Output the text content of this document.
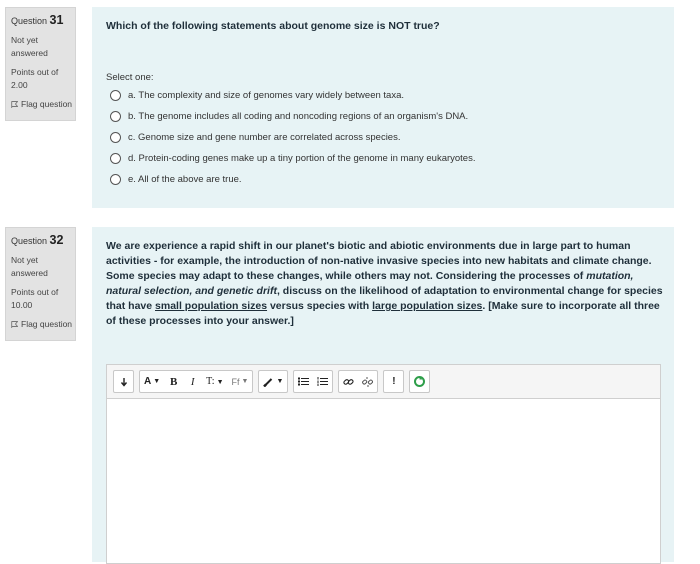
Question 31
Not yet answered
Points out of 2.00
Flag question
Which of the following statements about genome size is NOT true?
Select one:
a. The complexity and size of genomes vary widely between taxa.
b. The genome includes all coding and noncoding regions of an organism's DNA.
c. Genome size and gene number are correlated across species.
d. Protein-coding genes make up a tiny portion of the genome in many eukaryotes.
e. All of the above are true.
Question 32
Not yet answered
Points out of 10.00
Flag question
We are experience a rapid shift in our planet's biotic and abiotic environments due in large part to human activities - for example, the introduction of non-native invasive species into new habitats and climate change. Some species may adapt to these changes, while others may not. Considering the processes of mutation, natural selection, and genetic drift, discuss on the likelihood of adaptation to environmental change for species that have small population sizes versus species with large population sizes. [Make sure to incorporate all three of these processes into your answer.]
A ▼ B	I	T: ▼ Ff ▼	▼	!
